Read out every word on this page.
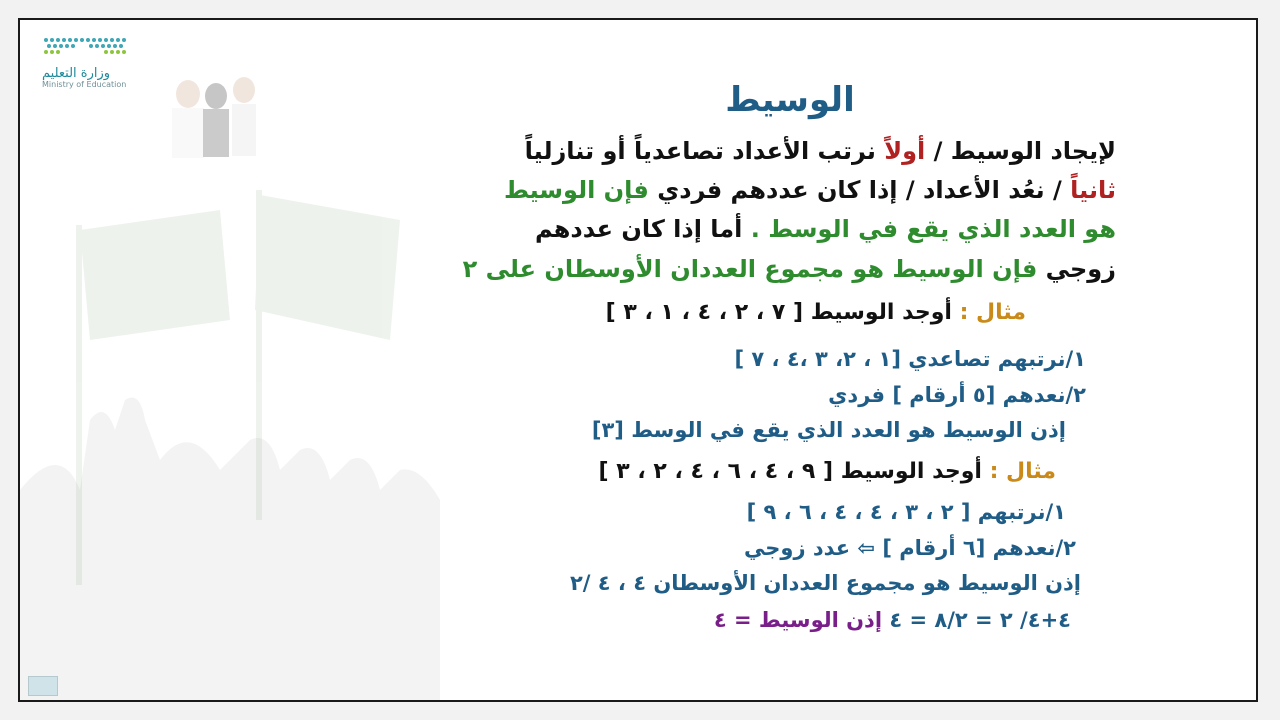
وزارة التعليم
Ministry of Education	الوسيط
لإيجاد الوسيط / أولاً نرتب الأعداد تصاعدياً أو تنازلياً
ثانياً / نعُد الأعداد / إذا كان عددهم فردي فإن الوسيط
هو العدد الذي يقع في الوسط . أما إذا كان عددهم
زوجي فإن الوسيط هو مجموع العددان الأوسطان على ٢
مثال : أوجد الوسيط [ ٧ ، ٢ ، ٤ ، ١ ، ٣ ]
١/نرتبهم تصاعدي [١ ، ٢، ٣ ،٤ ، ٧ ]
٢/نعدهم [٥ أرقام ] فردي
إذن الوسيط هو العدد الذي يقع في الوسط [٣]
مثال : أوجد الوسيط [ ٩ ، ٤ ، ٦ ، ٤ ، ٢ ، ٣ ]
١/نرتبهم [ ٢ ، ٣ ، ٤ ، ٤ ، ٦ ، ٩ ]
٢/نعدهم [٦ أرقام ] ⇦ عدد زوجي
إذن الوسيط هو مجموع العددان الأوسطان ٤ ، ٤ /٢
٤+٤/ ٢ = ٨/٢ = ٤ إذن الوسيط = ٤
